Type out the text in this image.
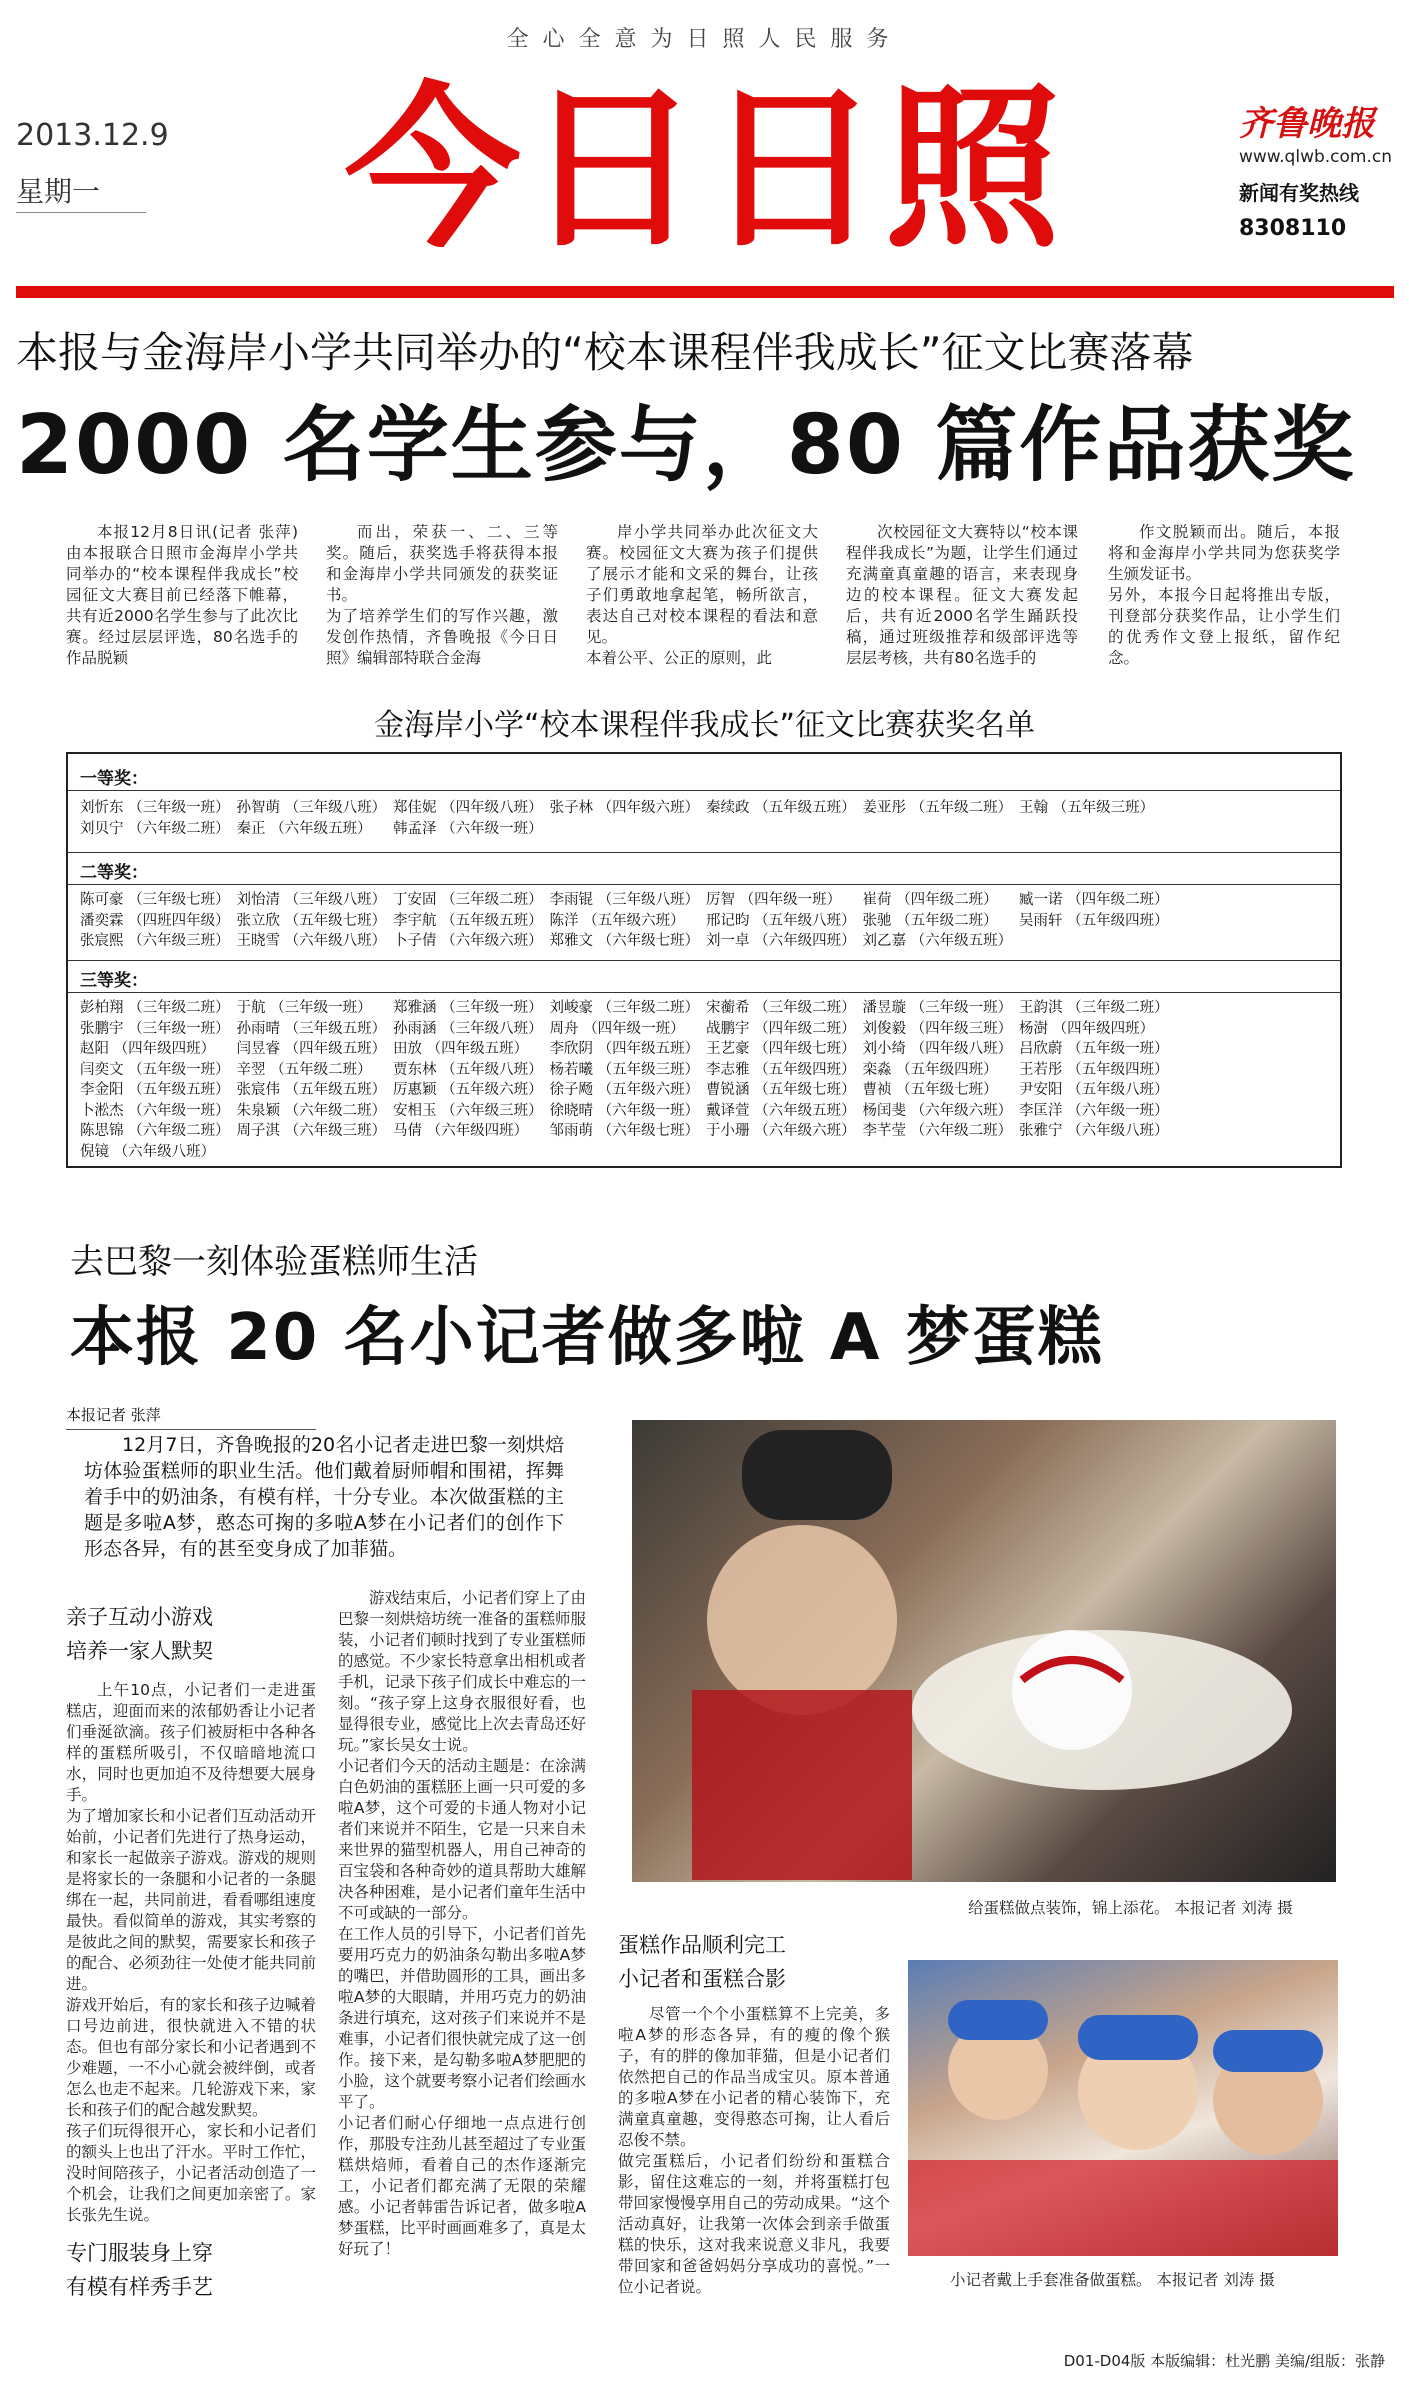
全心全意为日照人民服务
2013.12.9
星期一	今日日照	齐鲁晚报
www.qlwb.com.cn
新闻有奖热线
8308110
本报与金海岸小学共同举办的“校本课程伴我成长”征文比赛落幕
2000 名学生参与，80 篇作品获奖

本报12月8日讯(记者 张萍) 由本报联合日照市金海岸小学共同举办的“校本课程伴我成长”校园征文大赛目前已经落下帷幕，共有近2000名学生参与了此次比赛。经过层层评选，80名选手的作品脱颖

而出，荣获一、二、三等奖。随后，获奖选手将获得本报和金海岸小学共同颁发的获奖证书。
为了培养学生们的写作兴趣，激发创作热情，齐鲁晚报《今日日照》编辑部特联合金海

岸小学共同举办此次征文大赛。校园征文大赛为孩子们提供了展示才能和文采的舞台，让孩子们勇敢地拿起笔，畅所欲言，表达自己对校本课程的看法和意见。
本着公平、公正的原则，此

次校园征文大赛特以“校本课程伴我成长”为题，让学生们通过充满童真童趣的语言，来表现身边的校本课程。征文大赛发起后，共有近2000名学生踊跃投稿，通过班级推荐和级部评选等层层考核，共有80名选手的

作文脱颖而出。随后，本报将和金海岸小学共同为您获奖学生颁发证书。
另外，本报今日起将推出专版，刊登部分获奖作品，让小学生们的优秀作文登上报纸，留作纪念。

金海岸小学“校本课程伴我成长”征文比赛获奖名单
一等奖：
刘忻东 （三年级一班） 孙智萌 （三年级八班） 郑佳妮 （四年级八班） 张子林 （四年级六班） 秦续政 （五年级五班） 姜亚彤 （五年级二班） 王翰 （五年级三班）
刘贝宁 （六年级二班） 秦正 （六年级五班）	韩孟泽 （六年级一班）
二等奖：
陈可豪 （三年级七班） 刘怡清 （三年级八班） 丁安固 （三年级二班） 李雨锟 （三年级八班） 厉智 （四年级一班）	崔荷 （四年级二班）	臧一诺 （四年级二班）
潘奕霖 （四班四年级） 张立欣 （五年级七班） 李宇航 （五年级五班） 陈洋 （五年级六班）	邢记昀 （五年级八班） 张驰 （五年级二班）	吴雨轩 （五年级四班）
张宸熙 （六年级三班） 王晓雪 （六年级八班） 卜子倩 （六年级六班） 郑雅文 （六年级七班） 刘一卓 （六年级四班） 刘乙嘉 （六年级五班）
三等奖：
彭柏翔 （三年级二班） 于航 （三年级一班）	郑雅涵 （三年级一班） 刘峻豪 （三年级二班） 宋蘅希 （三年级二班） 潘昱璇 （三年级一班） 王韵淇 （三年级二班）
张鹏宇 （三年级一班） 孙雨晴 （三年级五班） 孙雨涵 （三年级八班） 周舟 （四年级一班）	战鹏宇 （四年级二班） 刘俊毅 （四年级三班） 杨澍 （四年级四班）
赵阳 （四年级四班）	闫昱睿 （四年级五班） 田放 （四年级五班）	李欣阴 （四年级五班） 王艺豪 （四年级七班） 刘小绮 （四年级八班） 吕欣蔚 （五年级一班）
闫奕文 （五年级一班） 辛翌 （五年级二班）	贾东林 （五年级八班） 杨若曦 （五年级三班） 李志雅 （五年级四班） 栾淼 （五年级四班）	王若彤 （五年级四班）
李金阳 （五年级五班） 张宸伟 （五年级五班） 厉惠颖 （五年级六班） 徐子飏 （五年级六班） 曹锐涵 （五年级七班） 曹祯 （五年级七班）	尹安阳 （五年级八班）
卜淞杰 （六年级一班） 朱泉颖 （六年级二班） 安相玉 （六年级三班） 徐晓晴 （六年级一班） 戴译萱 （六年级五班） 杨闰斐 （六年级六班） 李匡洋 （六年级一班）
陈思锦 （六年级二班） 周子淇 （六年级三班） 马倩 （六年级四班）	邹雨萌 （六年级七班） 于小珊 （六年级六班） 李芊莹 （六年级二班） 张雅宁 （六年级八班）
倪镜 （六年级八班）
去巴黎一刻体验蛋糕师生活
本报 20 名小记者做多啦 A 梦蛋糕
本报记者 张萍
12月7日，齐鲁晚报的20名小记者走进巴黎一刻烘焙坊体验蛋糕师的职业生活。他们戴着厨师帽和围裙，挥舞着手中的奶油条，有模有样，十分专业。本次做蛋糕的主题是多啦A梦，憨态可掬的多啦A梦在小记者们的创作下形态各异，有的甚至变身成了加菲猫。
亲子互动小游戏
培养一家人默契

上午10点，小记者们一走进蛋糕店，迎面而来的浓郁奶香让小记者们垂涎欲滴。孩子们被厨柜中各种各样的蛋糕所吸引，不仅暗暗地流口水，同时也更加迫不及待想要大展身手。
为了增加家长和小记者们互动活动开始前，小记者们先进行了热身运动，和家长一起做亲子游戏。游戏的规则是将家长的一条腿和小记者的一条腿绑在一起，共同前进，看看哪组速度最快。看似简单的游戏，其实考察的是彼此之间的默契，需要家长和孩子的配合、必须劲往一处使才能共同前进。
游戏开始后，有的家长和孩子边喊着口号边前进，很快就进入不错的状态。但也有部分家长和小记者遇到不少难题，一不小心就会被绊倒，或者怎么也走不起来。几轮游戏下来，家长和孩子们的配合越发默契。
孩子们玩得很开心，家长和小记者们的额头上也出了汗水。平时工作忙，没时间陪孩子，小记者活动创造了一个机会，让我们之间更加亲密了。家长张先生说。

专门服装身上穿
有模有样秀手艺

游戏结束后，小记者们穿上了由巴黎一刻烘焙坊统一准备的蛋糕师服装，小记者们顿时找到了专业蛋糕师的感觉。不少家长特意拿出相机或者手机，记录下孩子们成长中难忘的一刻。“孩子穿上这身衣服很好看，也显得很专业，感觉比上次去青岛还好玩。”家长吴女士说。
小记者们今天的活动主题是：在涂满白色奶油的蛋糕胚上画一只可爱的多啦A梦，这个可爱的卡通人物对小记者们来说并不陌生，它是一只来自未来世界的猫型机器人，用自己神奇的百宝袋和各种奇妙的道具帮助大雄解决各种困难，是小记者们童年生活中不可或缺的一部分。
在工作人员的引导下，小记者们首先要用巧克力的奶油条勾勒出多啦A梦的嘴巴，并借助圆形的工具，画出多啦A梦的大眼睛，并用巧克力的奶油条进行填充，这对孩子们来说并不是难事，小记者们很快就完成了这一创作。接下来，是勾勒多啦A梦肥肥的小脸，这个就要考察小记者们绘画水平了。
小记者们耐心仔细地一点点进行创作，那股专注劲儿甚至超过了专业蛋糕烘焙师，看着自己的杰作逐渐完工，小记者们都充满了无限的荣耀感。小记者韩雷告诉记者，做多啦A梦蛋糕，比平时画画难多了，真是太好玩了！

给蛋糕做点装饰，锦上添花。 本报记者 刘涛 摄
蛋糕作品顺利完工
小记者和蛋糕合影

尽管一个个小蛋糕算不上完美，多啦A梦的形态各异，有的瘦的像个猴子，有的胖的像加菲猫，但是小记者们依然把自己的作品当成宝贝。原本普通的多啦A梦在小记者的精心装饰下，充满童真童趣，变得憨态可掬，让人看后忍俊不禁。
做完蛋糕后，小记者们纷纷和蛋糕合影，留住这难忘的一刻，并将蛋糕打包带回家慢慢享用自己的劳动成果。“这个活动真好，让我第一次体会到亲手做蛋糕的快乐，这对我来说意义非凡，我要带回家和爸爸妈妈分享成功的喜悦。”一位小记者说。	小记者戴上手套准备做蛋糕。 本报记者 刘涛 摄
D01-D04版 本版编辑：杜光鹏 美编/组版：张静
